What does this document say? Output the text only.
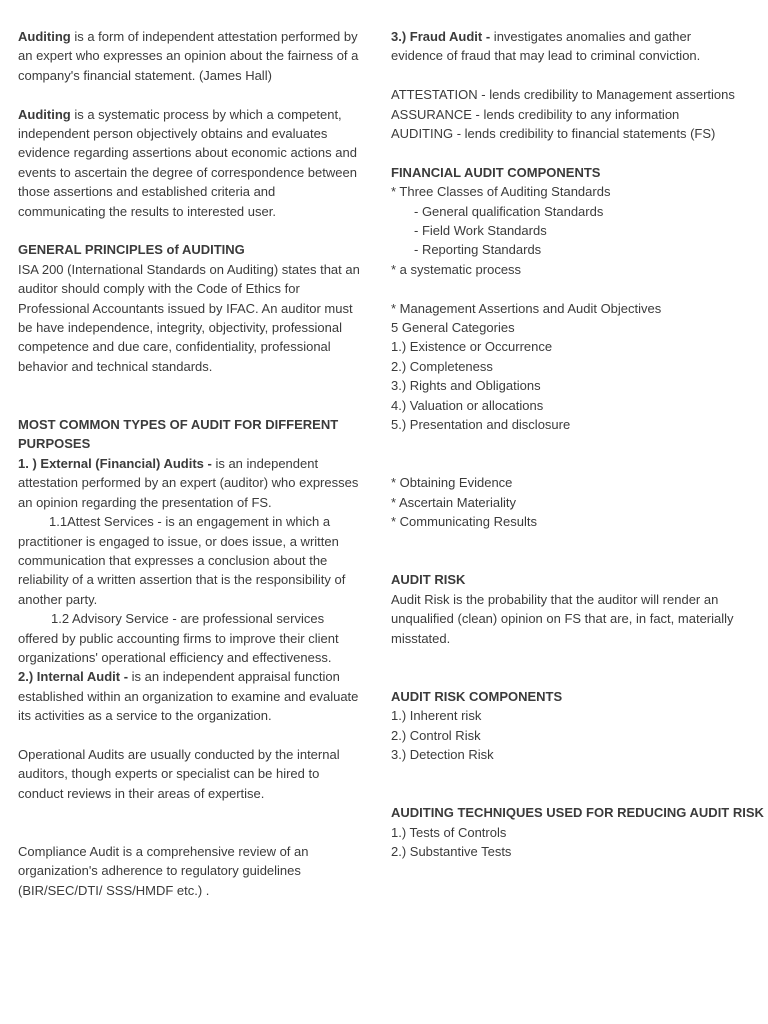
Auditing is a form of independent attestation performed by
an expert who expresses an opinion about the fairness of a
company's financial statement. (James Hall)
Auditing is a systematic process by which a competent,
independent person objectively obtains and evaluates
evidence regarding assertions about economic actions and
events to ascertain the degree of correspondence between
those assertions and established criteria and
communicating the results to interested user.
GENERAL PRINCIPLES of AUDITING
ISA 200 (International Standards on Auditing) states that an
auditor should comply with the Code of Ethics for
Professional Accountants issued by IFAC. An auditor must
be have independence, integrity, objectivity, professional
competence and due care, confidentiality, professional
behavior and technical standards.
MOST COMMON TYPES OF AUDIT FOR DIFFERENT
PURPOSES
1. ) External (Financial) Audits - is an independent
attestation performed by an expert (auditor) who expresses
an opinion regarding the presentation of FS.
1.1Attest Services - is an engagement in which a
practitioner is engaged to issue, or does issue, a written
communication that expresses a conclusion about the
reliability of a written assertion that is the responsibility of
another party.
1.2 Advisory Service - are professional services
offered by public accounting firms to improve their client
organizations' operational efficiency and effectiveness.
2.) Internal Audit - is an independent appraisal function
established within an organization to examine and evaluate
its activities as a service to the organization.
Operational Audits are usually conducted by the internal
auditors, though experts or specialist can be hired to
conduct reviews in their areas of expertise.
Compliance Audit is a comprehensive review of an
organization's adherence to regulatory guidelines
(BIR/SEC/DTI/ SSS/HMDF etc.) .
3.) Fraud Audit - investigates anomalies and gather
evidence of fraud that may lead to criminal conviction.
ATTESTATION - lends credibility to Management assertions
ASSURANCE - lends credibility to any information
AUDITING - lends credibility to financial statements (FS)
FINANCIAL AUDIT COMPONENTS
* Three Classes of Auditing Standards
- General qualification Standards
- Field Work Standards
- Reporting Standards
* a systematic process
* Management Assertions and Audit Objectives
5 General Categories
1.) Existence or Occurrence
2.) Completeness
3.) Rights and Obligations
4.) Valuation or allocations
5.) Presentation and disclosure
* Obtaining Evidence
* Ascertain Materiality
* Communicating Results
AUDIT RISK
Audit Risk is the probability that the auditor will render an
unqualified (clean) opinion on FS that are, in fact, materially
misstated.
AUDIT RISK COMPONENTS
1.) Inherent risk
2.) Control Risk
3.) Detection Risk
AUDITING TECHNIQUES USED FOR REDUCING AUDIT RISK
1.) Tests of Controls
2.) Substantive Tests
